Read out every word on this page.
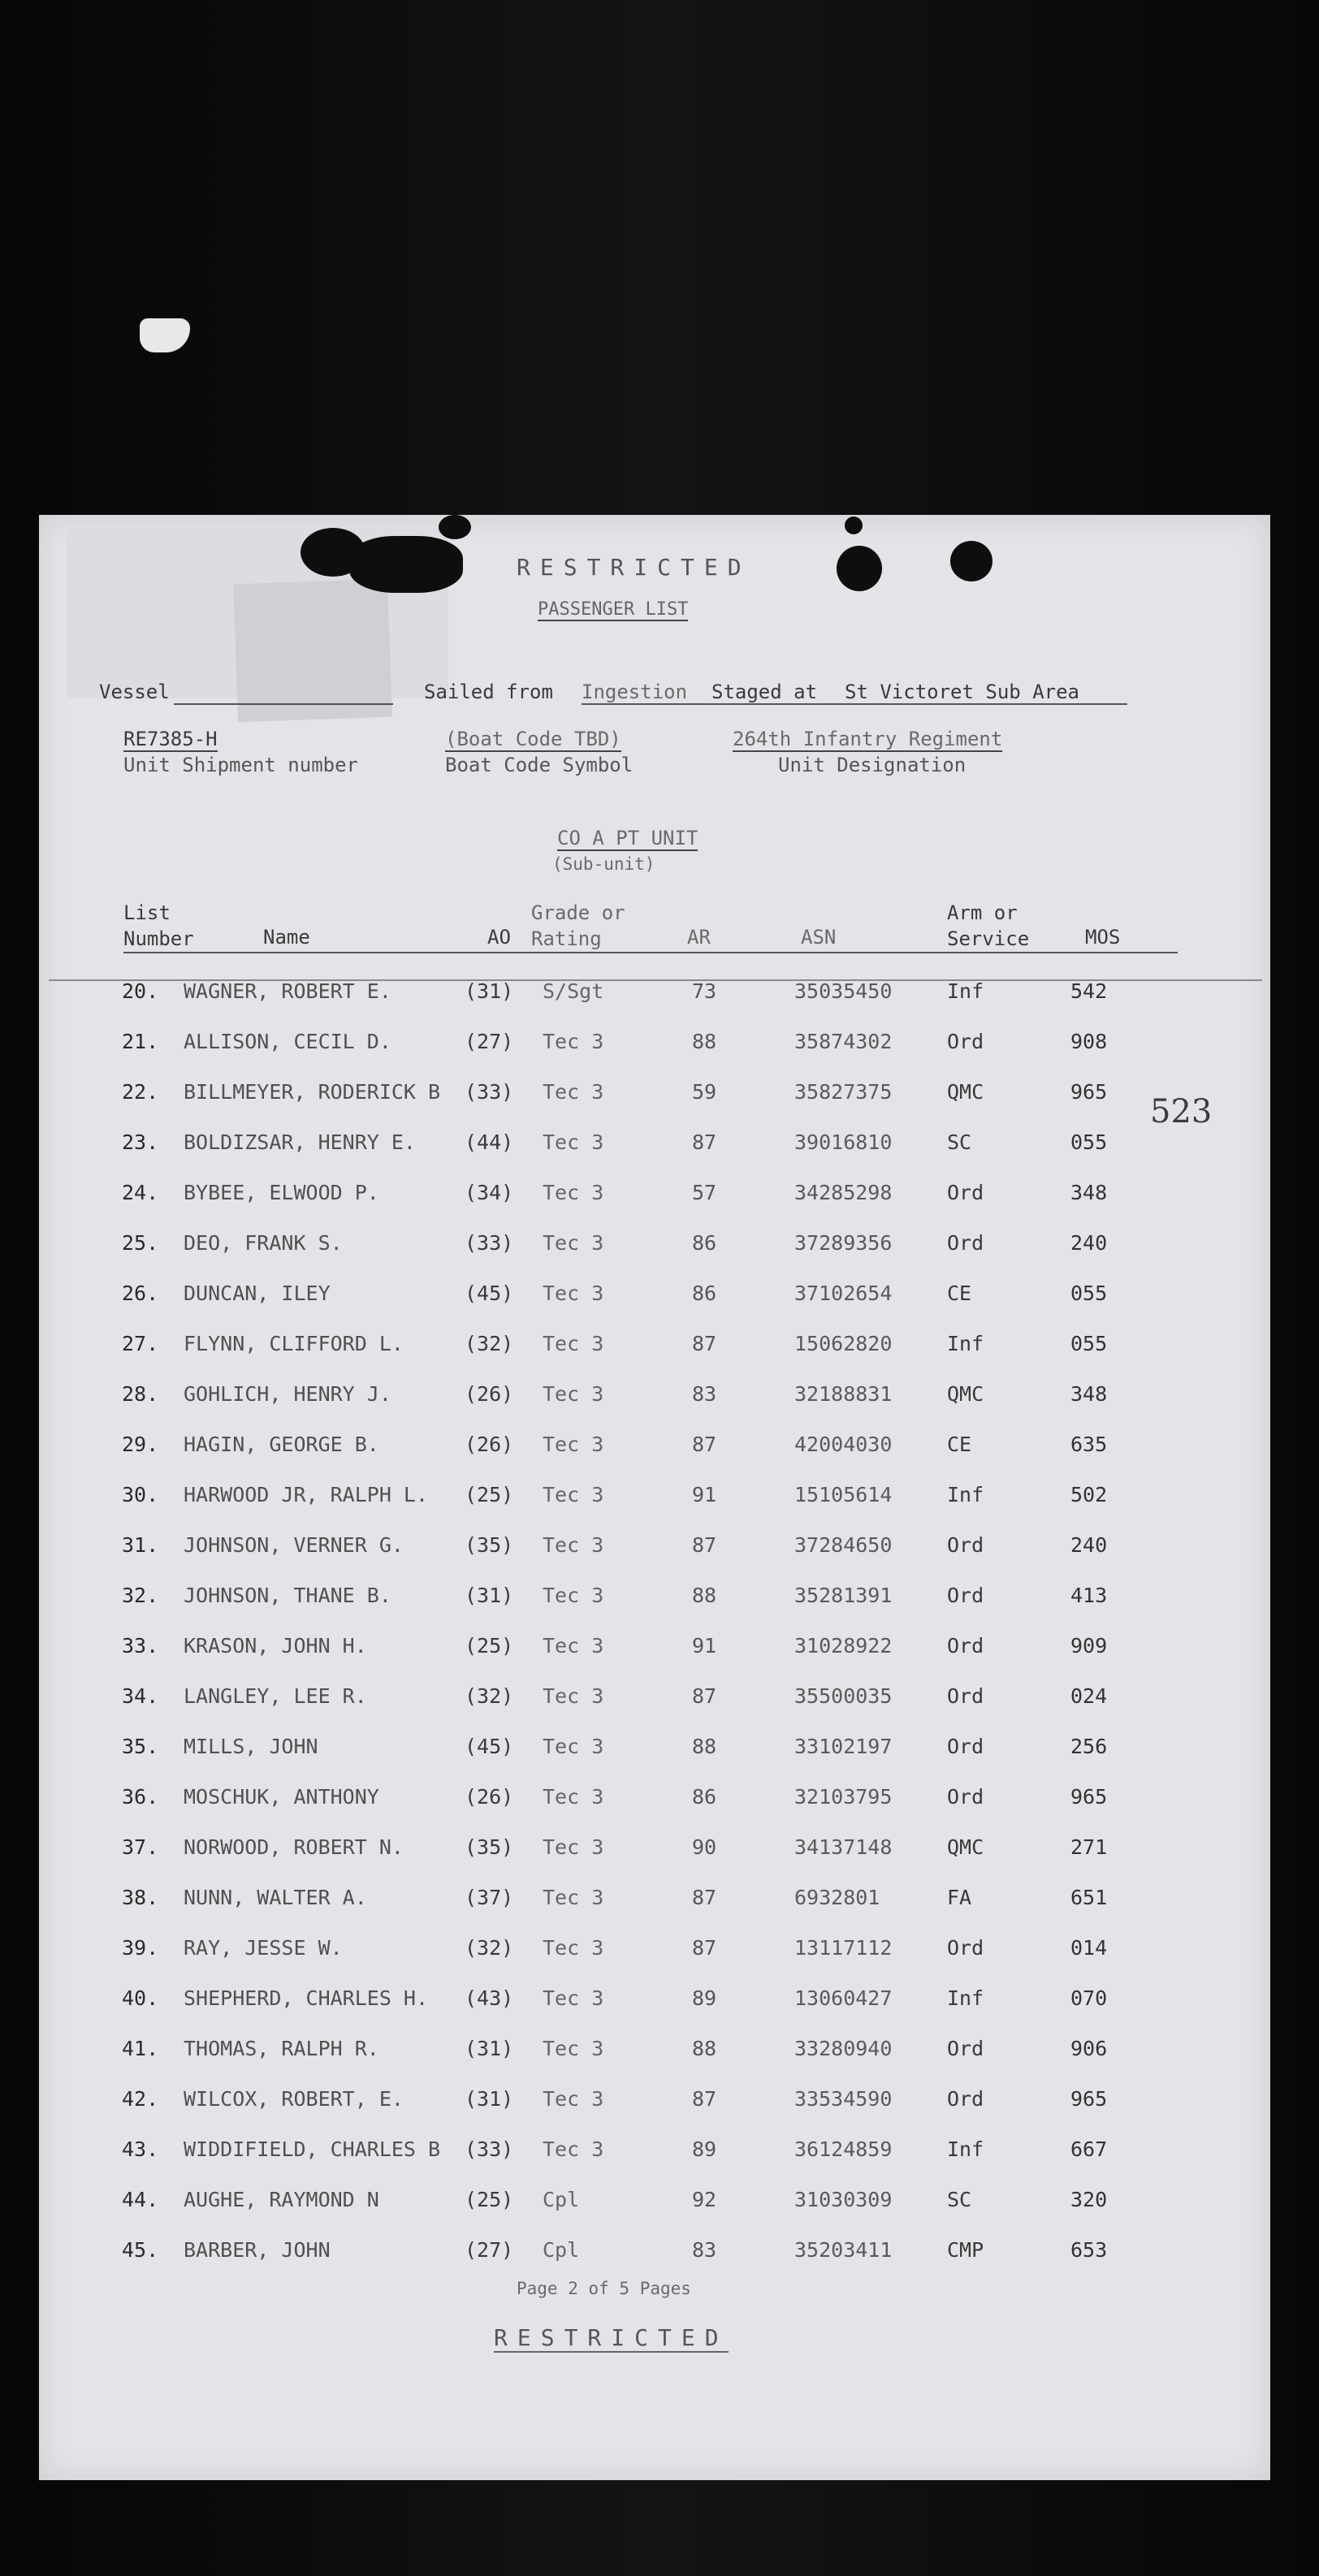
RESTRICTED
PASSENGER LIST
Vessel	Sailed from Ingestion Staged at St Victoret Sub Area
RE7385-H
Unit Shipment number
(Boat Code TBD)
Boat Code Symbol
264th Infantry Regiment
Unit Designation
CO A PT UNIT
(Sub-unit)
List
Number	Name	AO
Grade or
Rating	AR	ASN
Arm or
Service	MOS
20. WAGNER, ROBERT E.	(31) S/Sgt	73	35035450	Inf	542
21. ALLISON, CECIL D.	(27) Tec 3	88	35874302	Ord	908
22. BILLMEYER, RODERICK B (33) Tec 3	59	35827375	QMC	965
23. BOLDIZSAR, HENRY E. (44) Tec 3	87	39016810	SC	055
24. BYBEE, ELWOOD P.	(34) Tec 3	57	34285298	Ord	348
25. DEO, FRANK S.	(33) Tec 3	86	37289356	Ord	240
26. DUNCAN, ILEY	(45) Tec 3	86	37102654	CE	055
27. FLYNN, CLIFFORD L.	(32) Tec 3	87	15062820	Inf	055
28. GOHLICH, HENRY J.	(26) Tec 3	83	32188831	QMC	348
29. HAGIN, GEORGE B.	(26) Tec 3	87	42004030	CE	635
30. HARWOOD JR, RALPH L. (25) Tec 3	91	15105614	Inf	502
31. JOHNSON, VERNER G.	(35) Tec 3	87	37284650	Ord	240
32. JOHNSON, THANE B.	(31) Tec 3	88	35281391	Ord	413
33. KRASON, JOHN H.	(25) Tec 3	91	31028922	Ord	909
34. LANGLEY, LEE R.	(32) Tec 3	87	35500035	Ord	024
35. MILLS, JOHN	(45) Tec 3	88	33102197	Ord	256
36. MOSCHUK, ANTHONY	(26) Tec 3	86	32103795	Ord	965
37. NORWOOD, ROBERT N.	(35) Tec 3	90	34137148	QMC	271
38. NUNN, WALTER A.	(37) Tec 3	87	6932801	FA	651
39. RAY, JESSE W.	(32) Tec 3	87	13117112	Ord	014
40. SHEPHERD, CHARLES H. (43) Tec 3	89	13060427	Inf	070
41. THOMAS, RALPH R.	(31) Tec 3	88	33280940	Ord	906
42. WILCOX, ROBERT, E.	(31) Tec 3	87	33534590	Ord	965
43. WIDDIFIELD, CHARLES B (33) Tec 3	89	36124859	Inf	667
44. AUGHE, RAYMOND N	(25) Cpl	92	31030309	SC	320
45. BARBER, JOHN	(27) Cpl	83	35203411	CMP	653
523
Page 2 of 5 Pages
RESTRICTED
